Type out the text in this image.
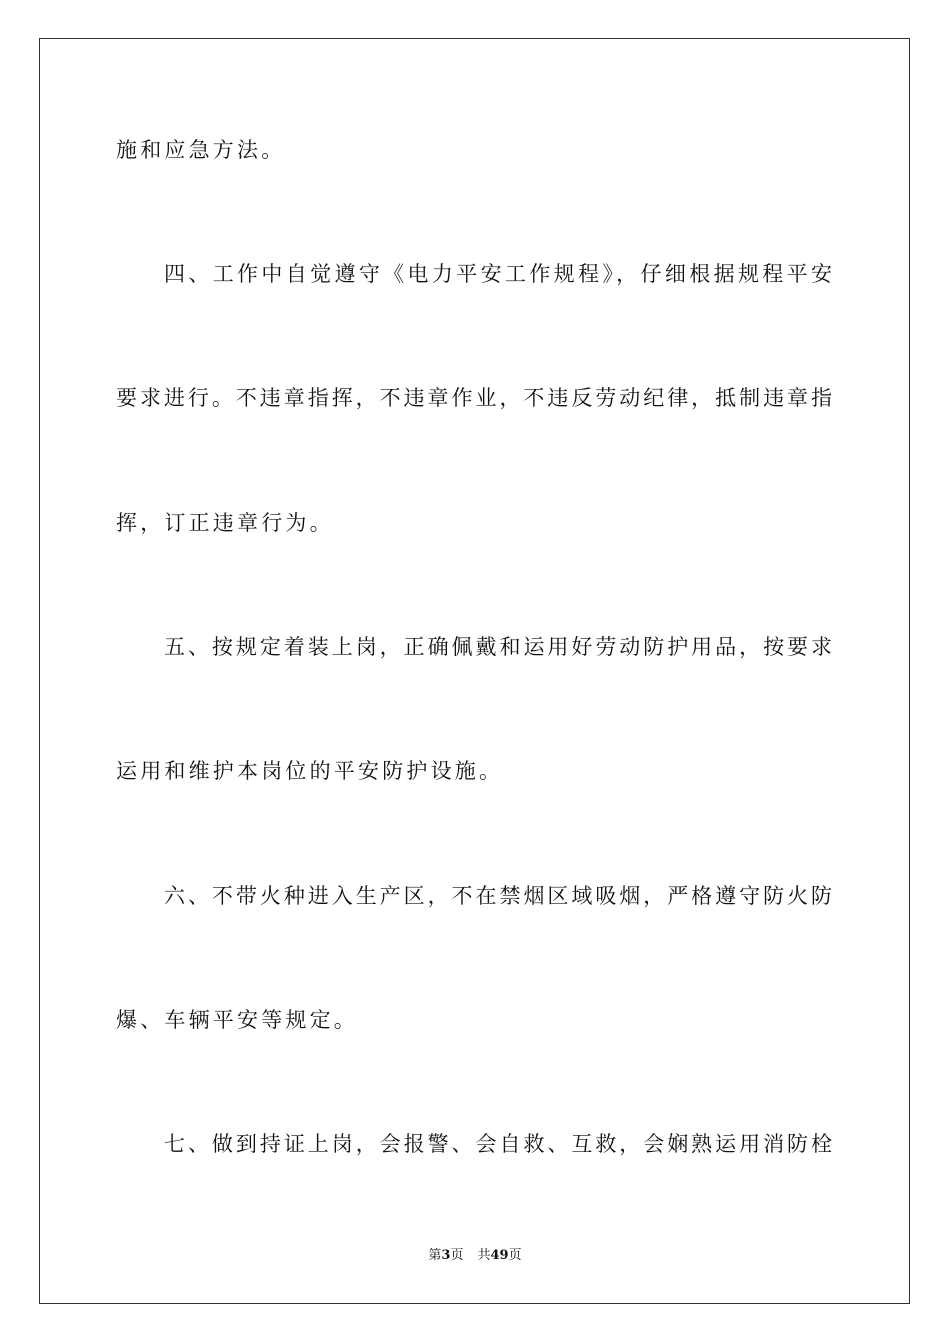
施和应急方法。
四、工作中自觉遵守《电力平安工作规程》，仔细根据规程平安
要求进行。不违章指挥，不违章作业，不违反劳动纪律，抵制违章指
挥，订正违章行为。
五、按规定着装上岗，正确佩戴和运用好劳动防护用品，按要求
运用和维护本岗位的平安防护设施。
六、不带火种进入生产区，不在禁烟区域吸烟，严格遵守防火防
爆、车辆平安等规定。
七、做到持证上岗，会报警、会自救、互救，会娴熟运用消防栓
第3页 共49页
